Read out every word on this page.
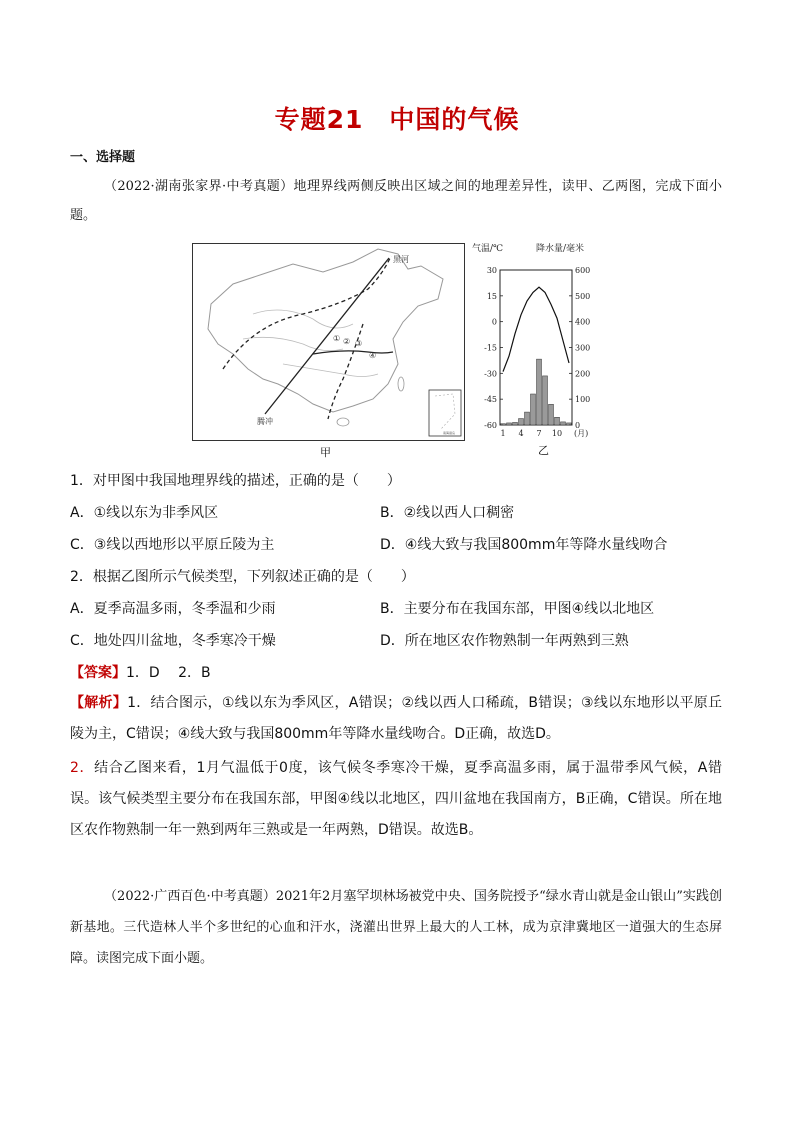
专题21 中国的气候
一、选择题
（2022·湖南张家界·中考真题）地理界线两侧反映出区域之间的地理差异性，读甲、乙两图，完成下面小题。
黑河
腾冲
① ② ③
④
南海诸岛
甲
气温/℃	降水量/毫米
30
15
0
-15
-30
-45
-60
600
500
400
300
200
100
0
1 4 7 10 (月)
乙
1．对甲图中我国地理界线的描述，正确的是（　　）
A．①线以东为非季风区	B．②线以西人口稠密
C．③线以西地形以平原丘陵为主	D．④线大致与我国800mm年等降水量线吻合
2．根据乙图所示气候类型，下列叙述正确的是（　　）
A．夏季高温多雨，冬季温和少雨	B．主要分布在我国东部，甲图④线以北地区
C．地处四川盆地，冬季寒冷干燥	D．所在地区农作物熟制一年两熟到三熟
【答案】1．D　 2．B
【解析】1．结合图示，①线以东为季风区，A错误；②线以西人口稀疏，B错误；③线以东地形以平原丘陵为主，C错误；④线大致与我国800mm年等降水量线吻合。D正确，故选D。
2．结合乙图来看，1月气温低于0度，该气候冬季寒冷干燥，夏季高温多雨，属于温带季风气候，A错误。该气候类型主要分布在我国东部，甲图④线以北地区，四川盆地在我国南方，B正确，C错误。所在地区农作物熟制一年一熟到两年三熟或是一年两熟，D错误。故选B。
（2022·广西百色·中考真题）2021年2月塞罕坝林场被党中央、国务院授予“绿水青山就是金山银山”实践创新基地。三代造林人半个多世纪的心血和汗水，浇灌出世界上最大的人工林，成为京津冀地区一道强大的生态屏障。读图完成下面小题。
